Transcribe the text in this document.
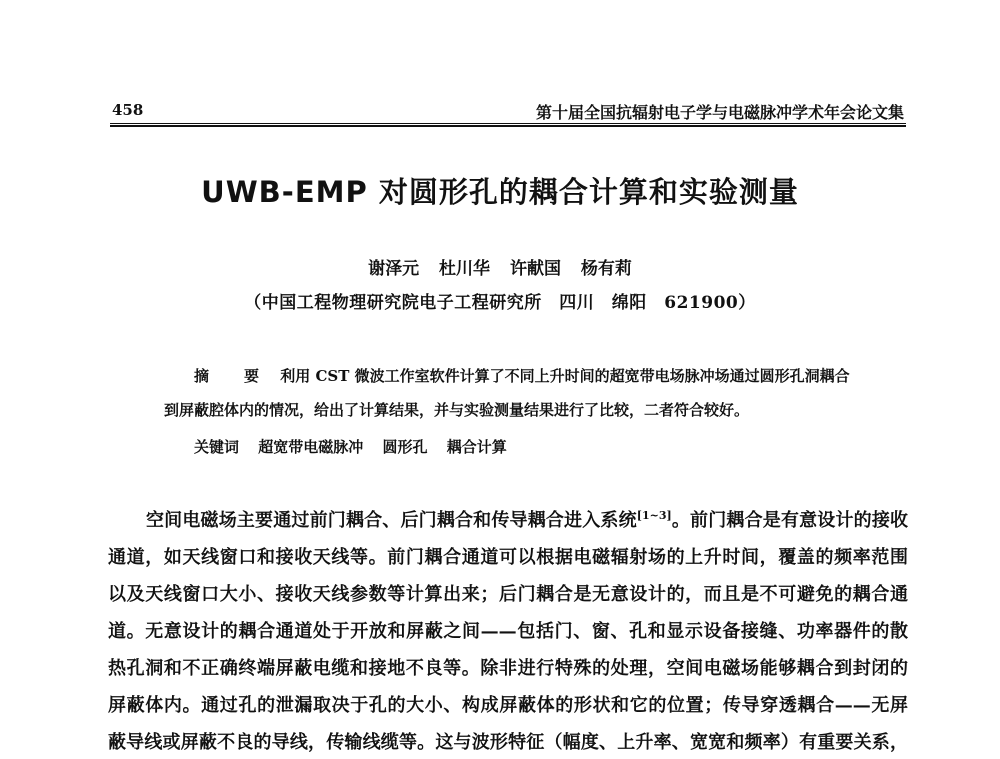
458	第十届全国抗辐射电子学与电磁脉冲学术年会论文集
UWB-EMP 对圆形孔的耦合计算和实验测量
谢泽元 杜川华 许献国 杨有莉
（中国工程物理研究院电子工程研究所　四川　绵阳　621900）
摘　要 利用 CST 微波工作室软件计算了不同上升时间的超宽带电场脉冲场通过圆形孔洞耦合
到屏蔽腔体内的情况，给出了计算结果，并与实验测量结果进行了比较，二者符合较好。
关键词 超宽带电磁脉冲 圆形孔 耦合计算
空间电磁场主要通过前门耦合、后门耦合和传导耦合进入系统[1~3]。前门耦合是有意设计的接收
通道，如天线窗口和接收天线等。前门耦合通道可以根据电磁辐射场的上升时间，覆盖的频率范围
以及天线窗口大小、接收天线参数等计算出来；后门耦合是无意设计的，而且是不可避免的耦合通
道。无意设计的耦合通道处于开放和屏蔽之间——包括门、窗、孔和显示设备接缝、功率器件的散
热孔洞和不正确终端屏蔽电缆和接地不良等。除非进行特殊的处理，空间电磁场能够耦合到封闭的
屏蔽体内。通过孔的泄漏取决于孔的大小、构成屏蔽体的形状和它的位置；传导穿透耦合——无屏
蔽导线或屏蔽不良的导线，传输线缆等。这与波形特征（幅度、上升率、宽宽和频率）有重要关系，
